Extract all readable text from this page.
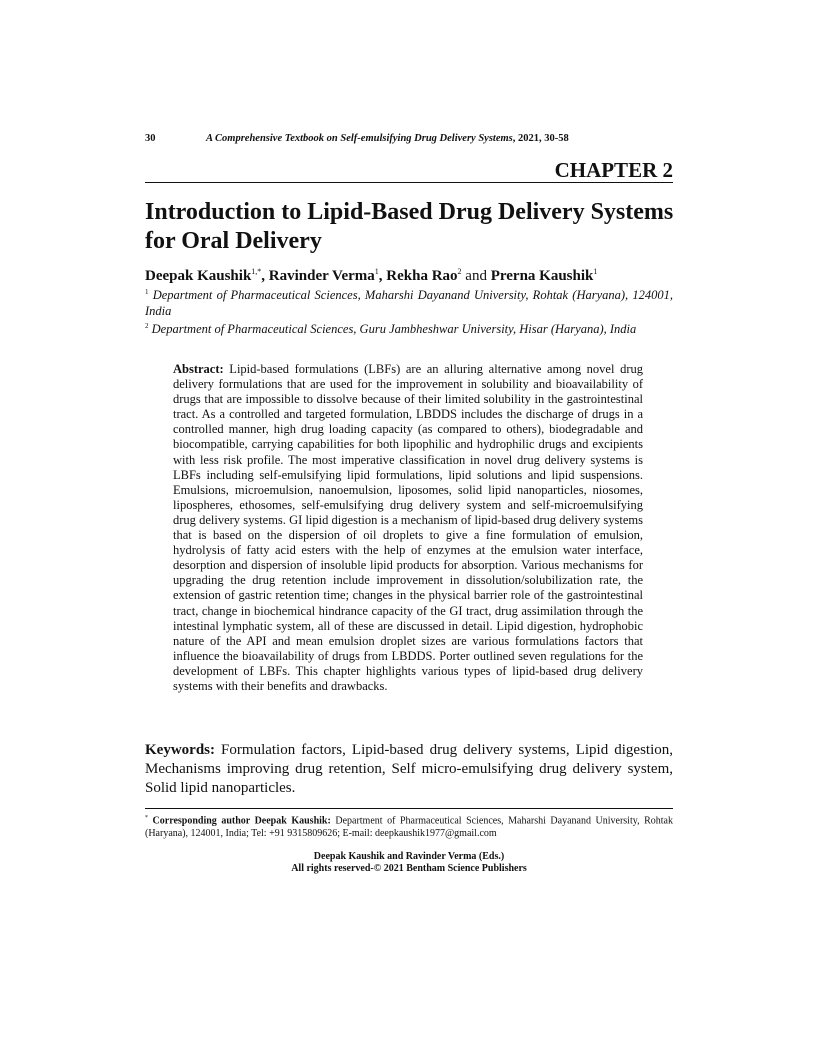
30	A Comprehensive Textbook on Self-emulsifying Drug Delivery Systems, 2021, 30-58
CHAPTER 2
Introduction to Lipid-Based Drug Delivery Systems for Oral Delivery
Deepak Kaushik$^{1,*}$, Ravinder Verma$^1$, Rekha Rao$^2$ and Prerna Kaushik$^1$
$^1$ Department of Pharmaceutical Sciences, Maharshi Dayanand University, Rohtak (Haryana), 124001, India
$^2$ Department of Pharmaceutical Sciences, Guru Jambheshwar University, Hisar (Haryana), India

Abstract: Lipid-based formulations (LBFs) are an alluring alternative among novel drug delivery formulations that are used for the improvement in solubility and bioavailability of drugs that are impossible to dissolve because of their limited solubility in the gastrointestinal tract. As a controlled and targeted formulation, LBDDS includes the discharge of drugs in a controlled manner, high drug loading capacity (as compared to others), biodegradable and biocompatible, carrying capabilities for both lipophilic and hydrophilic drugs and excipients with less risk profile. The most imperative classification in novel drug delivery systems is LBFs including self-emulsifying lipid formulations, lipid solutions and lipid suspensions. Emulsions, microemulsion, nanoemulsion, liposomes, solid lipid nanoparticles, niosomes, lipospheres, ethosomes, self-emulsifying drug delivery system and self-microemulsifying drug delivery systems. GI lipid digestion is a mechanism of lipid-based drug delivery systems that is based on the dispersion of oil droplets to give a fine formulation of emulsion, hydrolysis of fatty acid esters with the help of enzymes at the emulsion water interface, desorption and dispersion of insoluble lipid products for absorption. Various mechanisms for upgrading the drug retention include improvement in dissolution/solubilization rate, the extension of gastric retention time; changes in the physical barrier role of the gastrointestinal tract, change in biochemical hindrance capacity of the GI tract, drug assimilation through the intestinal lymphatic system, all of these are discussed in detail. Lipid digestion, hydrophobic nature of the API and mean emulsion droplet sizes are various formulations factors that influence the bioavailability of drugs from LBDDS. Porter outlined seven regulations for the development of LBFs. This chapter highlights various types of lipid-based drug delivery systems with their benefits and drawbacks.

Keywords: Formulation factors, Lipid-based drug delivery systems, Lipid digestion, Mechanisms improving drug retention, Self micro-emulsifying drug delivery system, Solid lipid nanoparticles.

* Corresponding author Deepak Kaushik: Department of Pharmaceutical Sciences, Maharshi Dayanand University, Rohtak (Haryana), 124001, India; Tel: +91 9315809626; E-mail: deepkaushik1977@gmail.com
Deepak Kaushik and Ravinder Verma (Eds.)
All rights reserved-© 2021 Bentham Science Publishers
